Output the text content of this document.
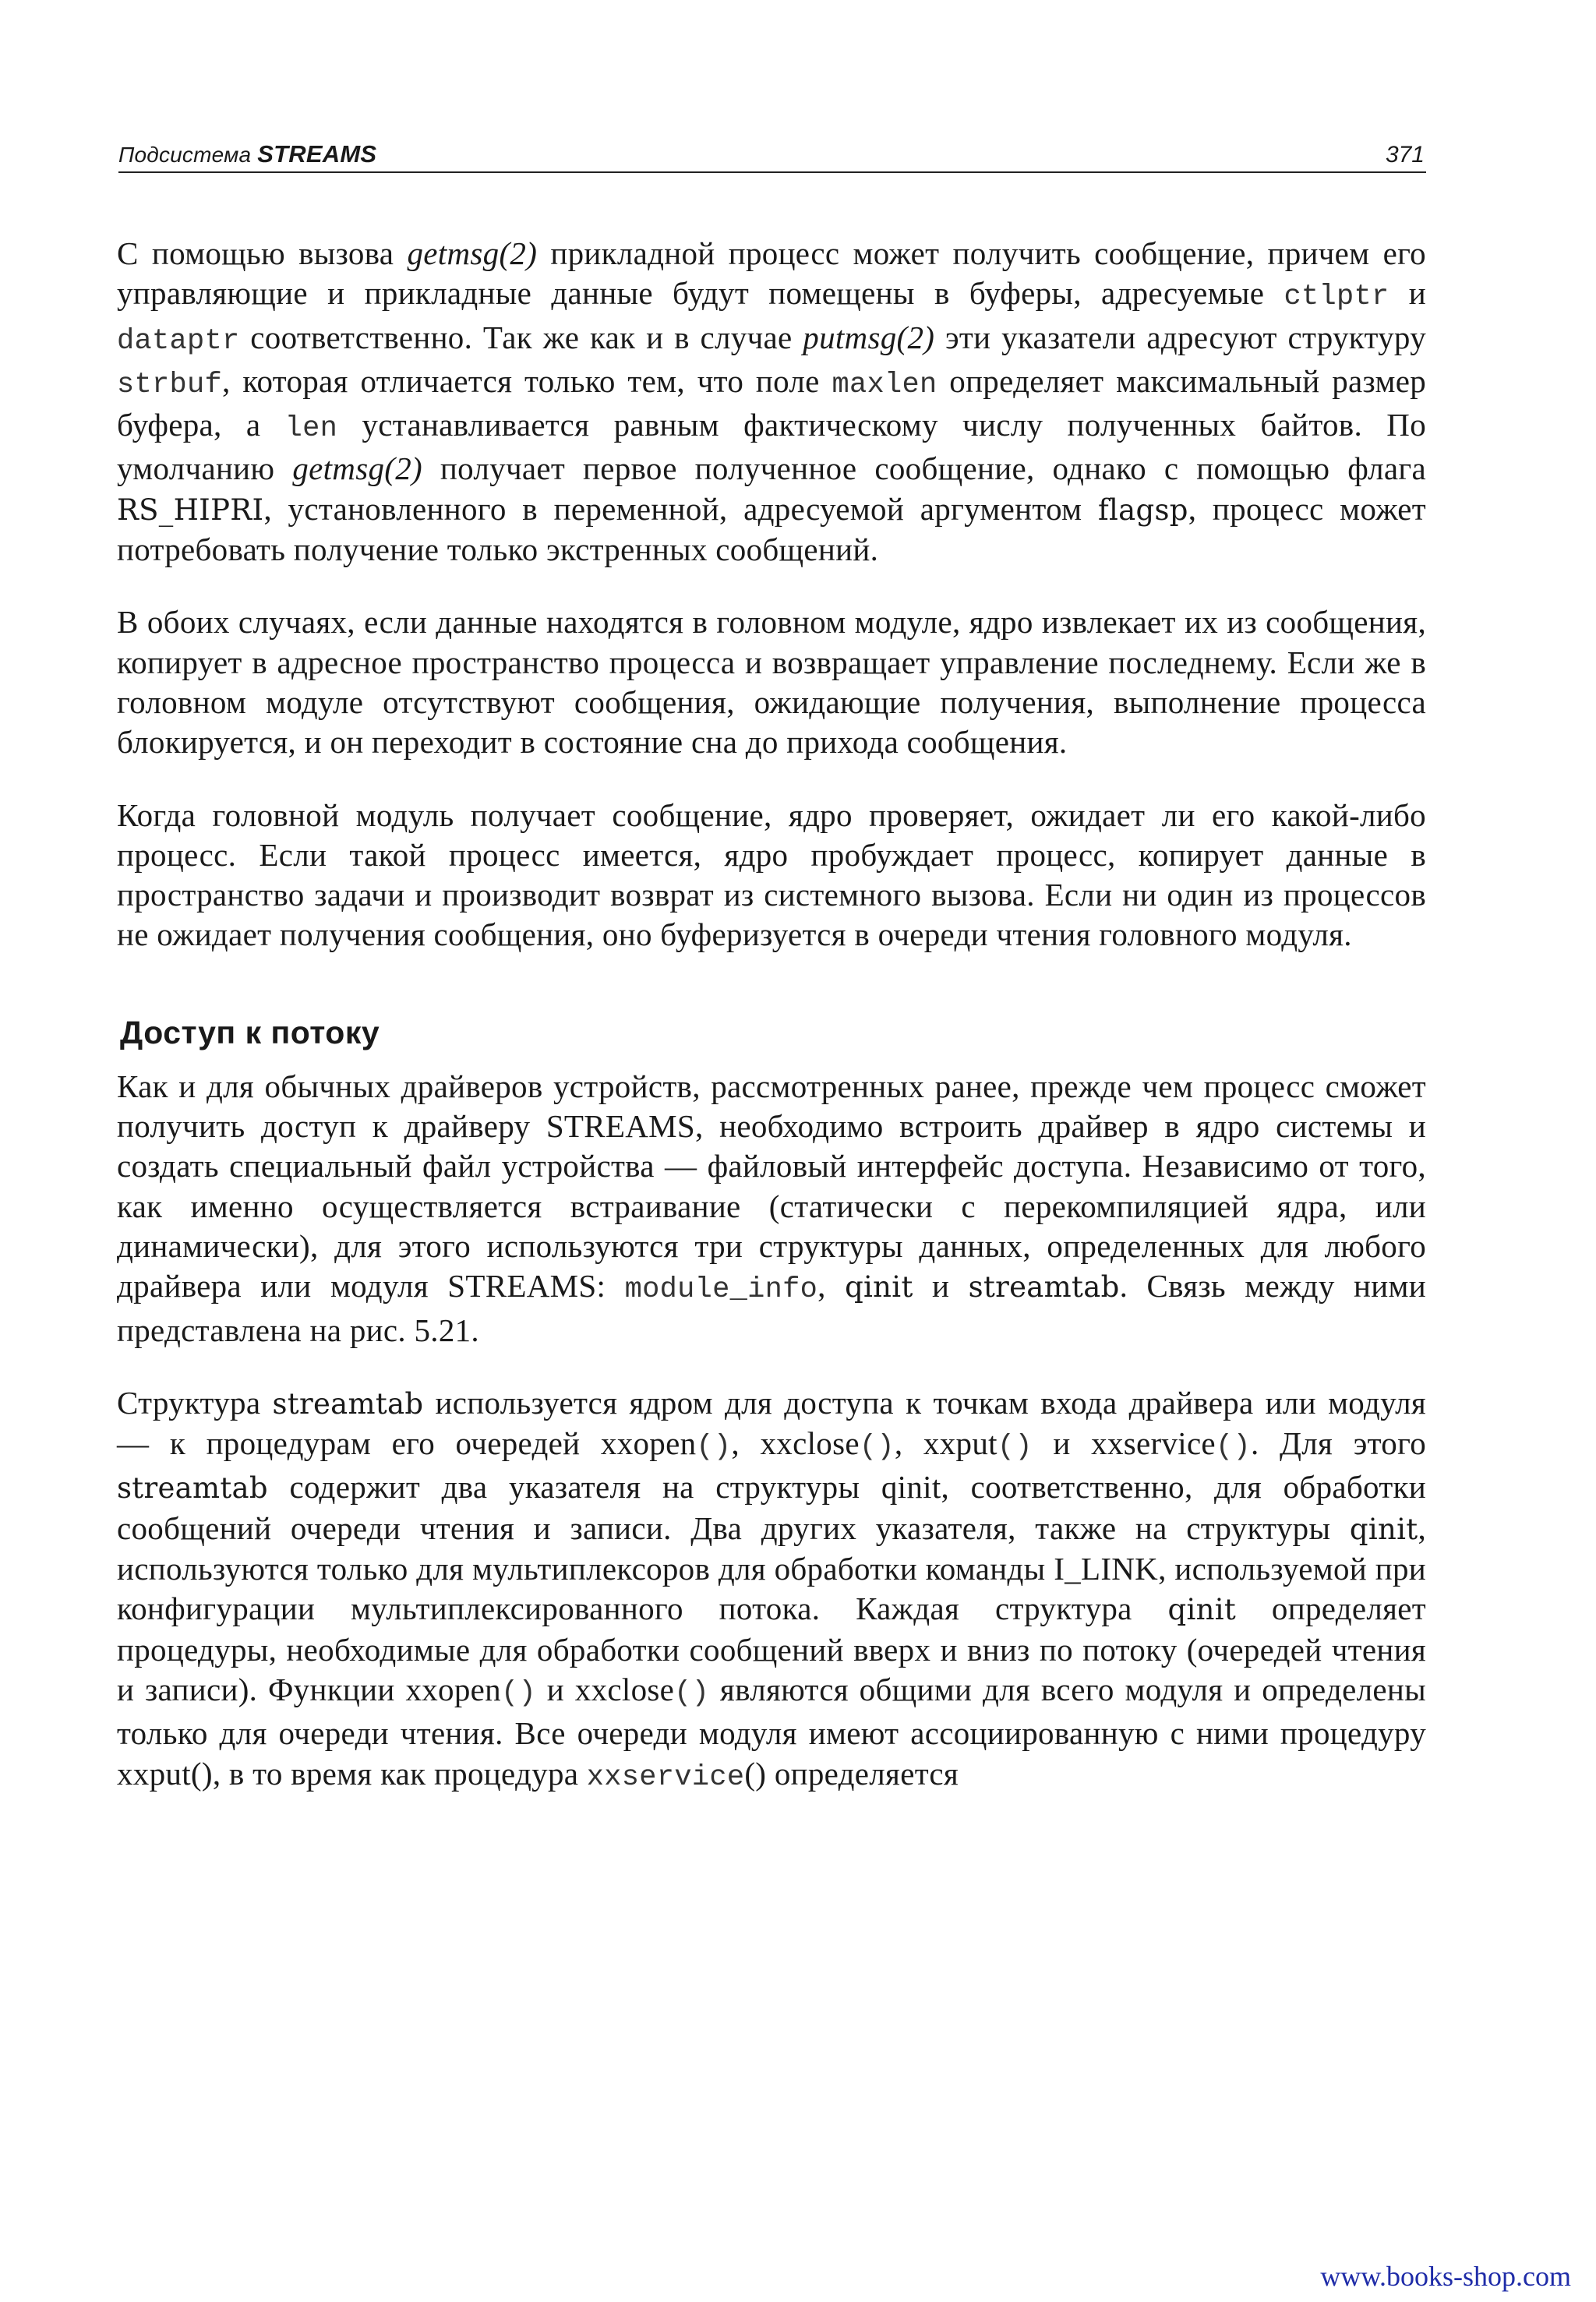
Подсистема STREAMS	371

С помощью вызова getmsg(2) прикладной процесс может получить сообщение, причем его управляющие и прикладные данные будут помещены в буферы, адресуемые ctlptr и dataptr соответственно. Так же как и в случае putmsg(2) эти указатели адресуют структуру strbuf, которая отличается только тем, что поле maxlen определяет максимальный размер буфера, а len устанавливается равным фактическому числу полученных байтов. По умолчанию getmsg(2) получает первое полученное сообщение, однако с помощью флага RS_HIPRI, установленного в переменной, адресуемой аргументом flagsp, процесс может потребовать получение только экстренных сообщений.

В обоих случаях, если данные находятся в головном модуле, ядро извлекает их из сообщения, копирует в адресное пространство процесса и возвращает управление последнему. Если же в головном модуле отсутствуют сообщения, ожидающие получения, выполнение процесса блокируется, и он переходит в состояние сна до прихода сообщения.

Когда головной модуль получает сообщение, ядро проверяет, ожидает ли его какой-либо процесс. Если такой процесс имеется, ядро пробуждает процесс, копирует данные в пространство задачи и производит возврат из системного вызова. Если ни один из процессов не ожидает получения сообщения, оно буферизуется в очереди чтения головного модуля.

Доступ к потоку

Как и для обычных драйверов устройств, рассмотренных ранее, прежде чем процесс сможет получить доступ к драйверу STREAMS, необходимо встроить драйвер в ядро системы и создать специальный файл устройства — файловый интерфейс доступа. Независимо от того, как именно осуществляется встраивание (статически с перекомпиляцией ядра, или динамически), для этого используются три структуры данных, определенных для любого драйвера или модуля STREAMS: module_info, qinit и streamtab. Связь между ними представлена на рис. 5.21.

Структура streamtab используется ядром для доступа к точкам входа драйвера или модуля — к процедурам его очередей xxopen(), xxclose(), xxput() и xxservice(). Для этого streamtab содержит два указателя на структуры qinit, соответственно, для обработки сообщений очереди чтения и записи. Два других указателя, также на структуры qinit, используются только для мультиплексоров для обработки команды I_LINK, используемой при конфигурации мультиплексированного потока. Каждая структура qinit определяет процедуры, необходимые для обработки сообщений вверх и вниз по потоку (очередей чтения и записи). Функции xxopen() и xxclose() являются общими для всего модуля и определены только для очереди чтения. Все очереди модуля имеют ассоциированную с ними процедуру xxput(), в то время как процедура xxservice() определяется

www.books-shop.com
